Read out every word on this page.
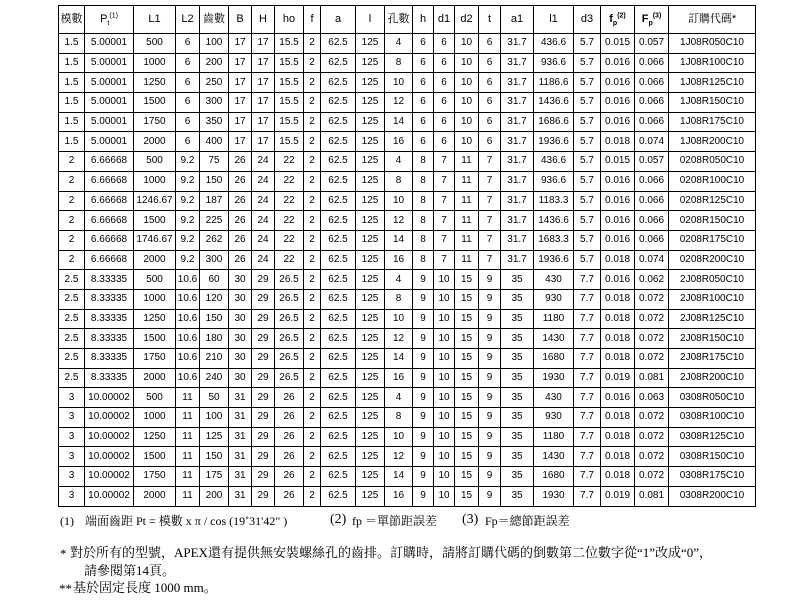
模數	$P_t^{(1)}$	L1	L2	齒數	B	H	ho	f	a	l	孔數	h	d1	d2	t	a1	l1	d3	$f_p^{(2)}$	$F_p^{(3)}$	訂購代碼*
1.5	5.00001	500	6	100	17	17	15.5	2	62.5	125	4	6	6	10	6	31.7	436.6	5.7	0.015	0.057	1J08R050C10
1.5	5.00001	1000	6	200	17	17	15.5	2	62.5	125	8	6	6	10	6	31.7	936.6	5.7	0.016	0.066	1J08R100C10
1.5	5.00001	1250	6	250	17	17	15.5	2	62.5	125	10	6	6	10	6	31.7	1186.6	5.7	0.016	0.066	1J08R125C10
1.5	5.00001	1500	6	300	17	17	15.5	2	62.5	125	12	6	6	10	6	31.7	1436.6	5.7	0.016	0.066	1J08R150C10
1.5	5.00001	1750	6	350	17	17	15.5	2	62.5	125	14	6	6	10	6	31.7	1686.6	5.7	0.016	0.066	1J08R175C10
1.5	5.00001	2000	6	400	17	17	15.5	2	62.5	125	16	6	6	10	6	31.7	1936.6	5.7	0.018	0.074	1J08R200C10
2	6.66668	500	9.2	75	26	24	22	2	62.5	125	4	8	7	11	7	31.7	436.6	5.7	0.015	0.057	0208R050C10
2	6.66668	1000	9.2	150	26	24	22	2	62.5	125	8	8	7	11	7	31.7	936.6	5.7	0.016	0.066	0208R100C10
2	6.66668	1246.67	9.2	187	26	24	22	2	62.5	125	10	8	7	11	7	31.7	1183.3	5.7	0.016	0.066	0208R125C10
2	6.66668	1500	9.2	225	26	24	22	2	62.5	125	12	8	7	11	7	31.7	1436.6	5.7	0.016	0.066	0208R150C10
2	6.66668	1746.67	9.2	262	26	24	22	2	62.5	125	14	8	7	11	7	31.7	1683.3	5.7	0.016	0.066	0208R175C10
2	6.66668	2000	9.2	300	26	24	22	2	62.5	125	16	8	7	11	7	31.7	1936.6	5.7	0.018	0.074	0208R200C10
2.5	8.33335	500	10.6	60	30	29	26.5	2	62.5	125	4	9	10	15	9	35	430	7.7	0.016	0.062	2J08R050C10
2.5	8.33335	1000	10.6	120	30	29	26.5	2	62.5	125	8	9	10	15	9	35	930	7.7	0.018	0.072	2J08R100C10
2.5	8.33335	1250	10.6	150	30	29	26.5	2	62.5	125	10	9	10	15	9	35	1180	7.7	0.018	0.072	2J08R125C10
2.5	8.33335	1500	10.6	180	30	29	26.5	2	62.5	125	12	9	10	15	9	35	1430	7.7	0.018	0.072	2J08R150C10
2.5	8.33335	1750	10.6	210	30	29	26.5	2	62.5	125	14	9	10	15	9	35	1680	7.7	0.018	0.072	2J08R175C10
2.5	8.33335	2000	10.6	240	30	29	26.5	2	62.5	125	16	9	10	15	9	35	1930	7.7	0.019	0.081	2J08R200C10
3	10.00002	500	11	50	31	29	26	2	62.5	125	4	9	10	15	9	35	430	7.7	0.016	0.063	0308R050C10
3	10.00002	1000	11	100	31	29	26	2	62.5	125	8	9	10	15	9	35	930	7.7	0.018	0.072	0308R100C10
3	10.00002	1250	11	125	31	29	26	2	62.5	125	10	9	10	15	9	35	1180	7.7	0.018	0.072	0308R125C10
3	10.00002	1500	11	150	31	29	26	2	62.5	125	12	9	10	15	9	35	1430	7.7	0.018	0.072	0308R150C10
3	10.00002	1750	11	175	31	29	26	2	62.5	125	14	9	10	15	9	35	1680	7.7	0.018	0.072	0308R175C10
3	10.00002	2000	11	200	31	29	26	2	62.5	125	16	9	10	15	9	35	1930	7.7	0.019	0.081	0308R200C10
(1) 端面齒距 Pt = 模數 x π / cos (19˚31'42" )	(2) fp ＝單節距誤差 (3) Fp＝總節距誤差
* 對於所有的型號，APEX還有提供無安裝螺絲孔的齒排。訂購時，請將訂購代碼的倒數第二位數字從“1”改成“0”，
請參閱第14頁。
** 基於固定長度 1000 mm。
